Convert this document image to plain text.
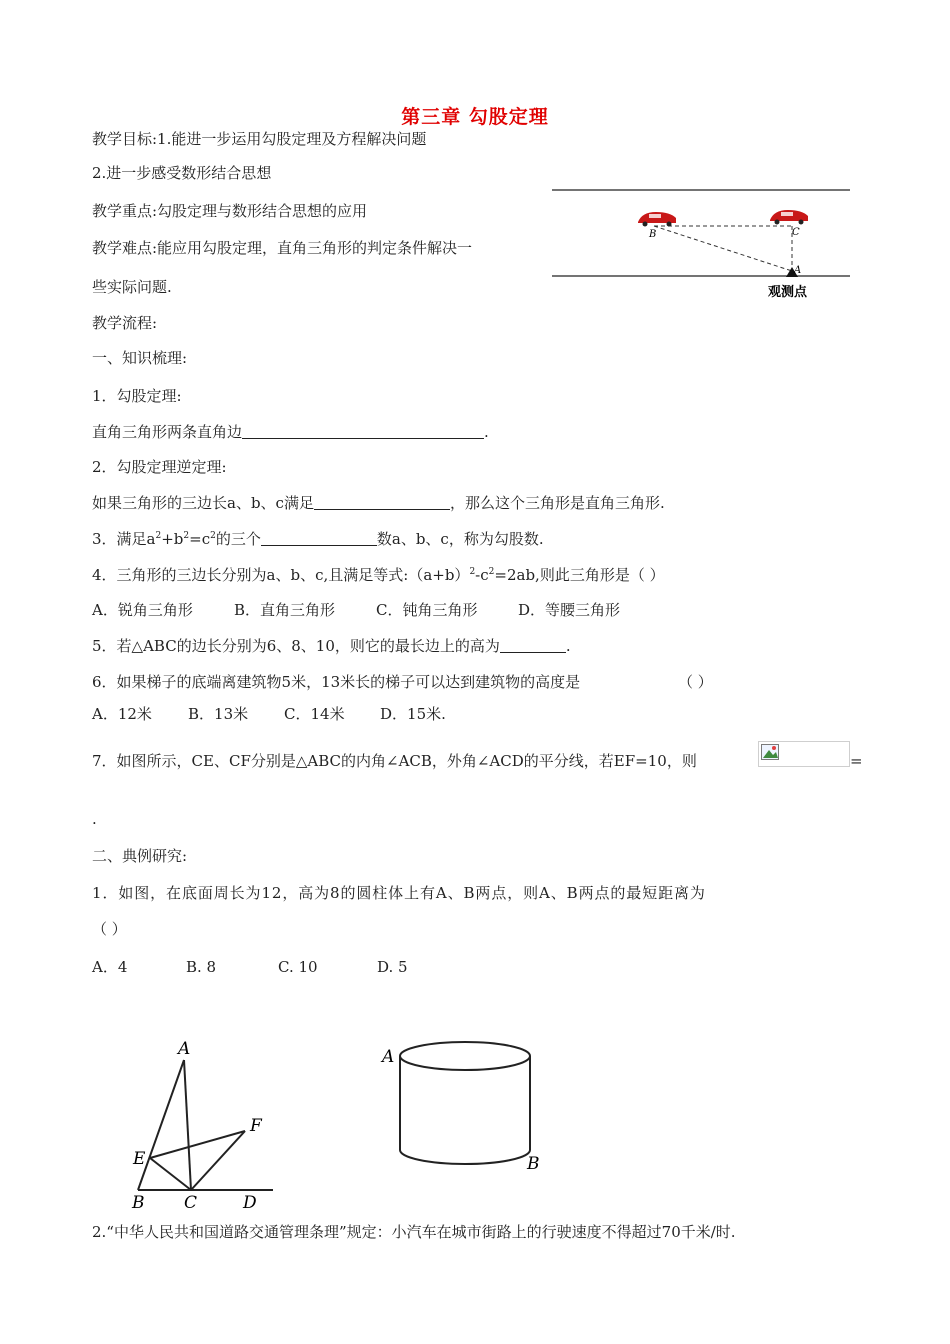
第三章 勾股定理
教学目标:1.能进一步运用勾股定理及方程解决问题
2.进一步感受数形结合思想
教学重点:勾股定理与数形结合思想的应用
教学难点:能应用勾股定理，直角三角形的判定条件解决一
些实际问题.
教学流程:
一、知识梳理:
1．勾股定理:
直角三角形两条直角边	.
2．勾股定理逆定理:
如果三角形的三边长a、b、c满足	，那么这个三角形是直角三角形.
3．满足$a^2+b^2=c^2$的三个	数a、b、c，称为勾股数.
4．三角形的三边长分别为a、b、c,且满足等式$:(a+b)^2-c^2=2ab$,则此三角形是（ ）
A．锐角三角形	B．直角三角形	C．钝角三角形	D．等腰三角形
5．若△ABC的边长分别为6、8、10，则它的最长边上的高为	.
6．如果梯子的底端离建筑物5米，13米长的梯子可以达到建筑物的高度是	（ ）
A．12米 B．13米 C．14米 D．15米.
7．如图所示，CE、CF分别是△ABC的内角∠ACB，外角∠ACD的平分线，若EF=10，则	=
.
二、典例研究:
1．如图，在底面周长为12，高为8的圆柱体上有A、B两点，则A、B两点的最短距离为
（ ）
A．4	B. 8	C. 10	D. 5
2.“中华人民共和国道路交通管理条理”规定：小汽车在城市街路上的行驶速度不得超过70千米/时.
B	C
A
观测点
A
E
F
B C	D
A
B
